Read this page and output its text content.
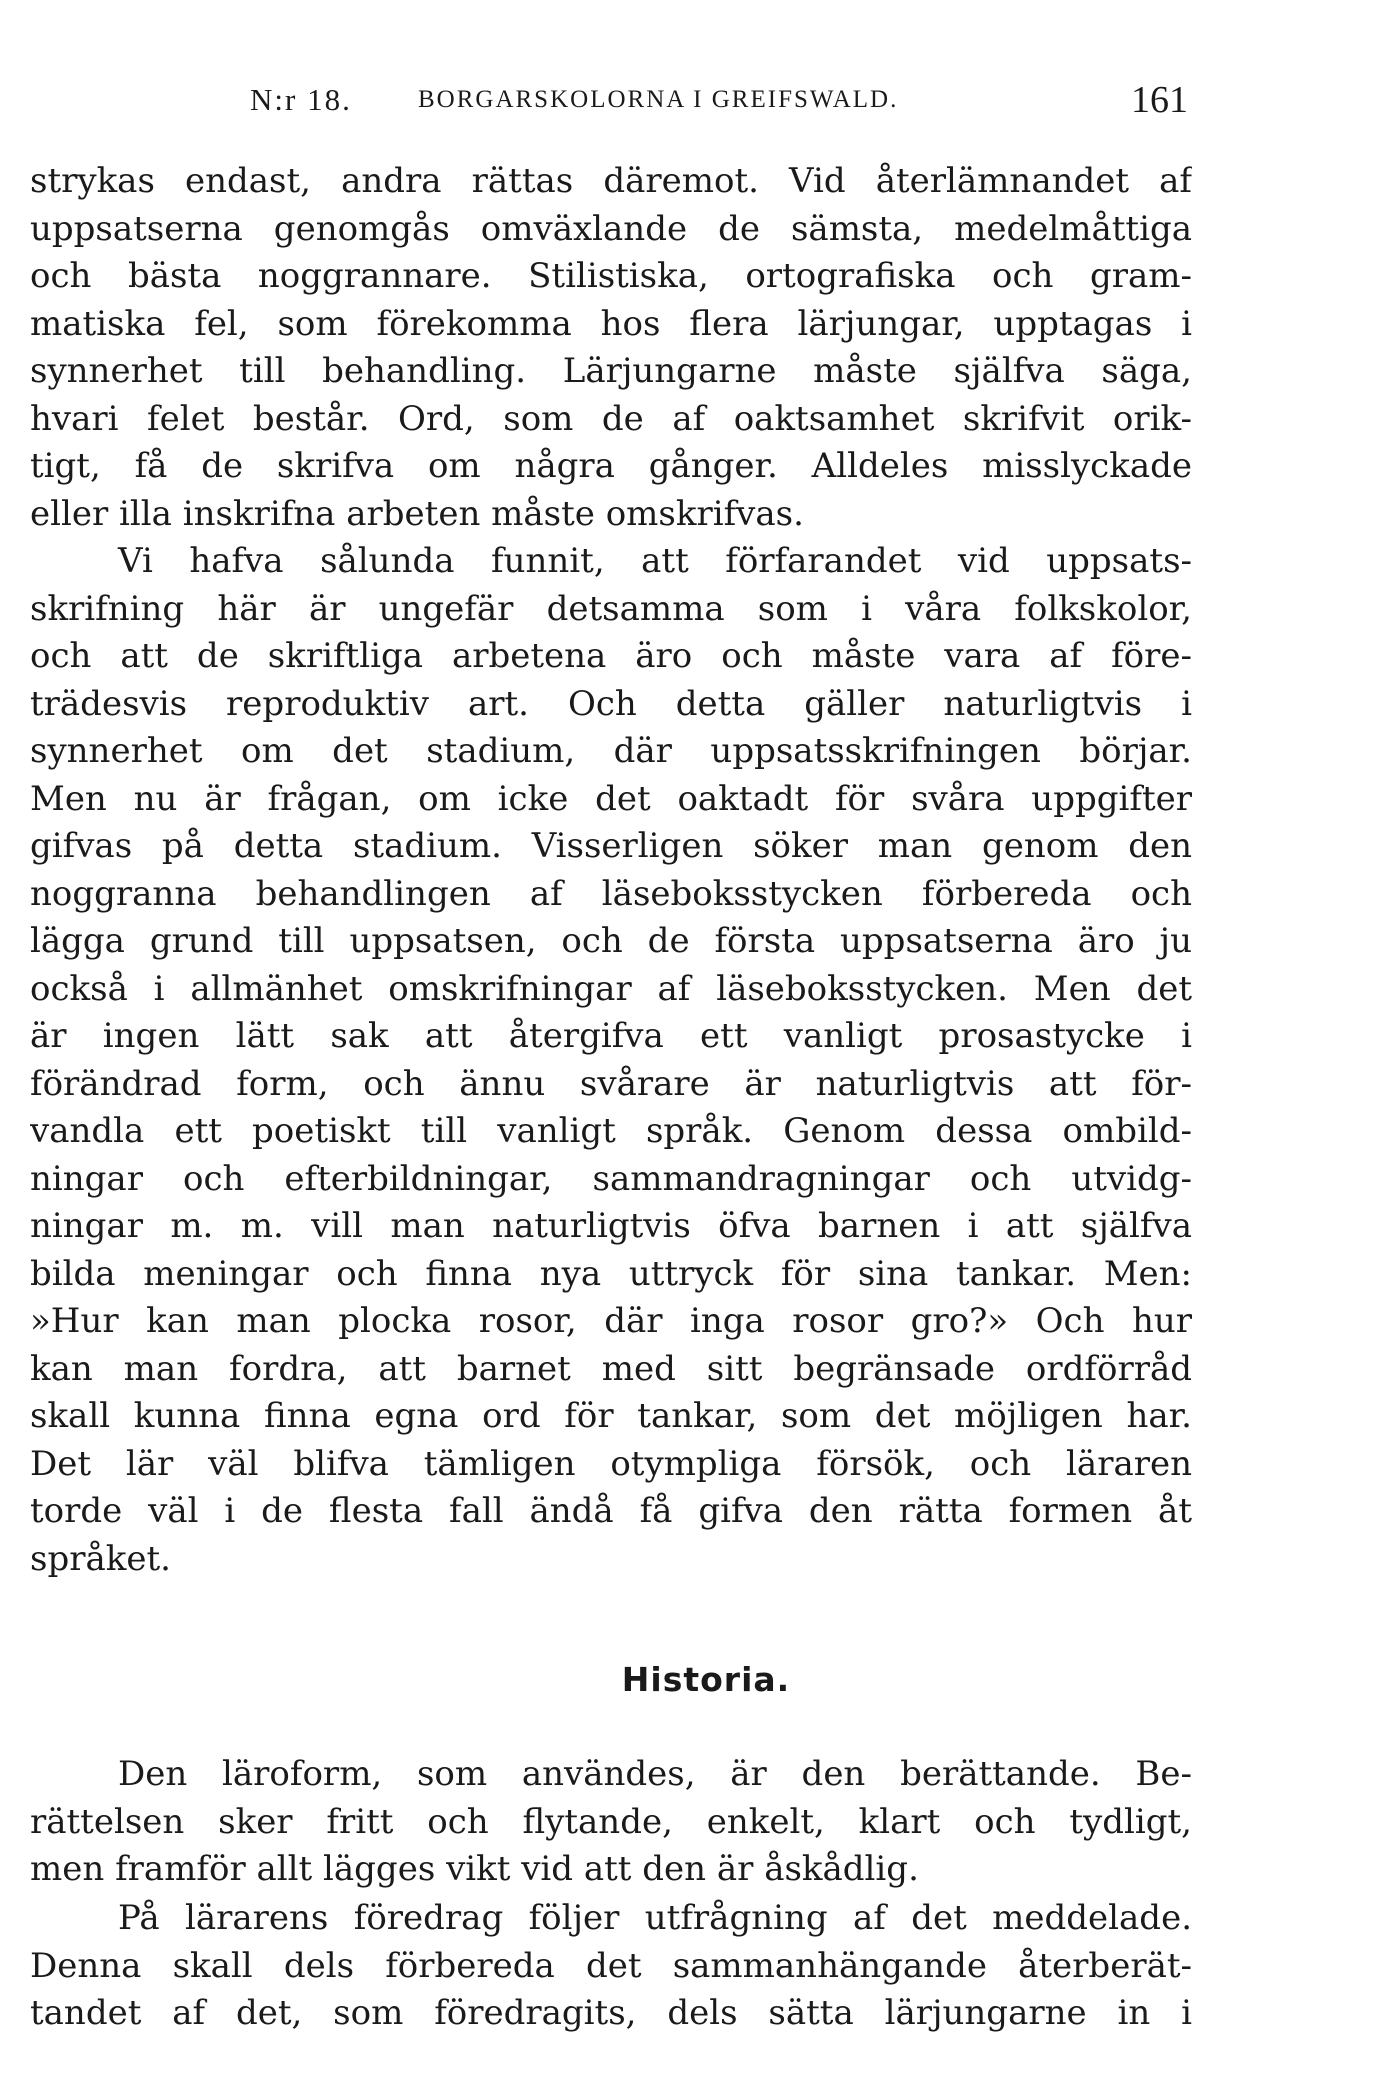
N:r 18.	BORGARSKOLORNA I GREIFSWALD.	161
strykas endast, andra rättas däremot. Vid återlämnandet af
uppsatserna genomgås omväxlande de sämsta, medelmåttiga
och bästa noggrannare. Stilistiska, ortografiska och gram-
matiska fel, som förekomma hos flera lärjungar, upptagas i
synnerhet till behandling. Lärjungarne måste själfva säga,
hvari felet består. Ord, som de af oaktsamhet skrifvit orik-
tigt, få de skrifva om några gånger. Alldeles misslyckade
eller illa inskrifna arbeten måste omskrifvas.
Vi hafva sålunda funnit, att förfarandet vid uppsats-
skrifning här är ungefär detsamma som i våra folkskolor,
och att de skriftliga arbetena äro och måste vara af före-
trädesvis reproduktiv art. Och detta gäller naturligtvis i
synnerhet om det stadium, där uppsatsskrifningen börjar.
Men nu är frågan, om icke det oaktadt för svåra uppgifter
gifvas på detta stadium. Visserligen söker man genom den
noggranna behandlingen af läseboksstycken förbereda och
lägga grund till uppsatsen, och de första uppsatserna äro ju
också i allmänhet omskrifningar af läseboksstycken. Men det
är ingen lätt sak att återgifva ett vanligt prosastycke i
förändrad form, och ännu svårare är naturligtvis att för-
vandla ett poetiskt till vanligt språk. Genom dessa ombild-
ningar och efterbildningar, sammandragningar och utvidg-
ningar m. m. vill man naturligtvis öfva barnen i att själfva
bilda meningar och finna nya uttryck för sina tankar. Men:
»Hur kan man plocka rosor, där inga rosor gro?» Och hur
kan man fordra, att barnet med sitt begränsade ordförråd
skall kunna finna egna ord för tankar, som det möjligen har.
Det lär väl blifva tämligen otympliga försök, och läraren
torde väl i de flesta fall ändå få gifva den rätta formen åt
språket.
Historia.
Den läroform, som användes, är den berättande. Be-
rättelsen sker fritt och flytande, enkelt, klart och tydligt,
men framför allt lägges vikt vid att den är åskådlig.
På lärarens föredrag följer utfrågning af det meddelade.
Denna skall dels förbereda det sammanhängande återberät-
tandet af det, som föredragits, dels sätta lärjungarne in i
